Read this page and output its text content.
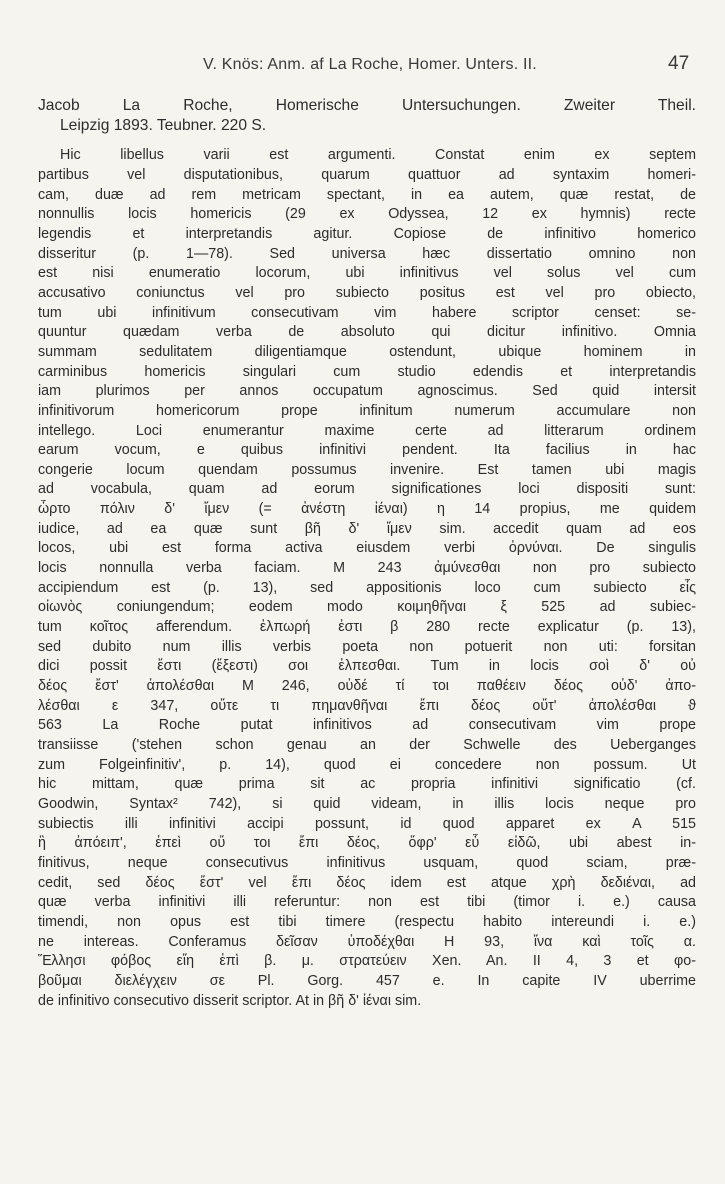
V. Knös: Anm. af La Roche, Homer. Unters. II.	47
Jacob La Roche, Homerische Untersuchungen. Zweiter Theil.
Leipzig 1893. Teubner. 220 S.
Hic libellus varii est argumenti. Constat enim ex septem
partibus vel disputationibus, quarum quattuor ad syntaxim homeri-
cam, duæ ad rem metricam spectant, in ea autem, quæ restat, de
nonnullis locis homericis (29 ex Odyssea, 12 ex hymnis) recte
legendis et interpretandis agitur. Copiose de infinitivo homerico
disseritur (p. 1—78). Sed universa hæc dissertatio omnino non
est nisi enumeratio locorum, ubi infinitivus vel solus vel cum
accusativo coniunctus vel pro subiecto positus est vel pro obiecto,
tum ubi infinitivum consecutivam vim habere scriptor censet: se-
quuntur quædam verba de absoluto qui dicitur infinitivo. Omnia
summam sedulitatem diligentiamque ostendunt, ubique hominem in
carminibus homericis singulari cum studio edendis et interpretandis
iam plurimos per annos occupatum agnoscimus. Sed quid intersit
infinitivorum homericorum prope infinitum numerum accumulare non
intellego. Loci enumerantur maxime certe ad litterarum ordinem
earum vocum, e quibus infinitivi pendent. Ita facilius in hac
congerie locum quendam possumus invenire. Est tamen ubi magis
ad vocabula, quam ad eorum significationes loci dispositi sunt:
ὦρτο πόλιν δ' ἴμεν (= ἀνέστη ἰέναι) η 14 propius, me quidem
iudice, ad ea quæ sunt βῆ δ' ἴμεν sim. accedit quam ad eos
locos, ubi est forma activa eiusdem verbi ὀρνύναι. De singulis
locis nonnulla verba faciam. M 243 ἀμύνεσθαι non pro subiecto
accipiendum est (p. 13), sed appositionis loco cum subiecto εἷς
οἰωνὸς coniungendum; eodem modo κοιμηθῆναι ξ 525 ad subiec-
tum κοῖτος afferendum. ἐλπωρή ἐστι β 280 recte explicatur (p. 13),
sed dubito num illis verbis poeta non potuerit non uti: forsitan
dici possit ἔστι (ἔξεστι) σοι ἐλπεσθαι. Tum in locis σοὶ δ' οὐ
δέος ἔστ' ἀπολέσθαι M 246, οὐδέ τί τοι παθέειν δέος οὐδ' ἀπο-
λέσθαι ε 347, οὔτε τι πημανθῆναι ἔπι δέος οὔτ' ἀπολέσθαι ϑ
563 La Roche putat infinitivos ad consecutivam vim prope
transiisse ('stehen schon genau an der Schwelle des Ueberganges
zum Folgeinfinitiv', p. 14), quod ei concedere non possum. Ut
hic mittam, quæ prima sit ac propria infinitivi significatio (cf.
Goodwin, Syntax² 742), si quid videam, in illis locis neque pro
subiectis illi infinitivi accipi possunt, id quod apparet ex Α 515
ἢ ἀπόειπ', ἐπεὶ οὔ τοι ἔπι δέος, ὄφρ' εὖ εἰδῶ, ubi abest in-
finitivus, neque consecutivus infinitivus usquam, quod sciam, præ-
cedit, sed δέος ἔστ' vel ἔπι δέος idem est atque χρὴ δεδιέναι, ad
quæ verba infinitivi illi referuntur: non est tibi (timor i. e.) causa
timendi, non opus est tibi timere (respectu habito intereundi i. e.)
ne intereas. Conferamus δεῖσαν ὑποδέχθαι Η 93, ἵνα καὶ τοῖς α.
Ἕλλησι φόβος εἴη ἐπὶ β. μ. στρατεύειν Xen. An. II 4, 3 et φο-
βοῦμαι διελέγχειν σε Pl. Gorg. 457 e. In capite IV uberrime
de infinitivo consecutivo disserit scriptor. At in βῆ δ' ἰέναι sim.
